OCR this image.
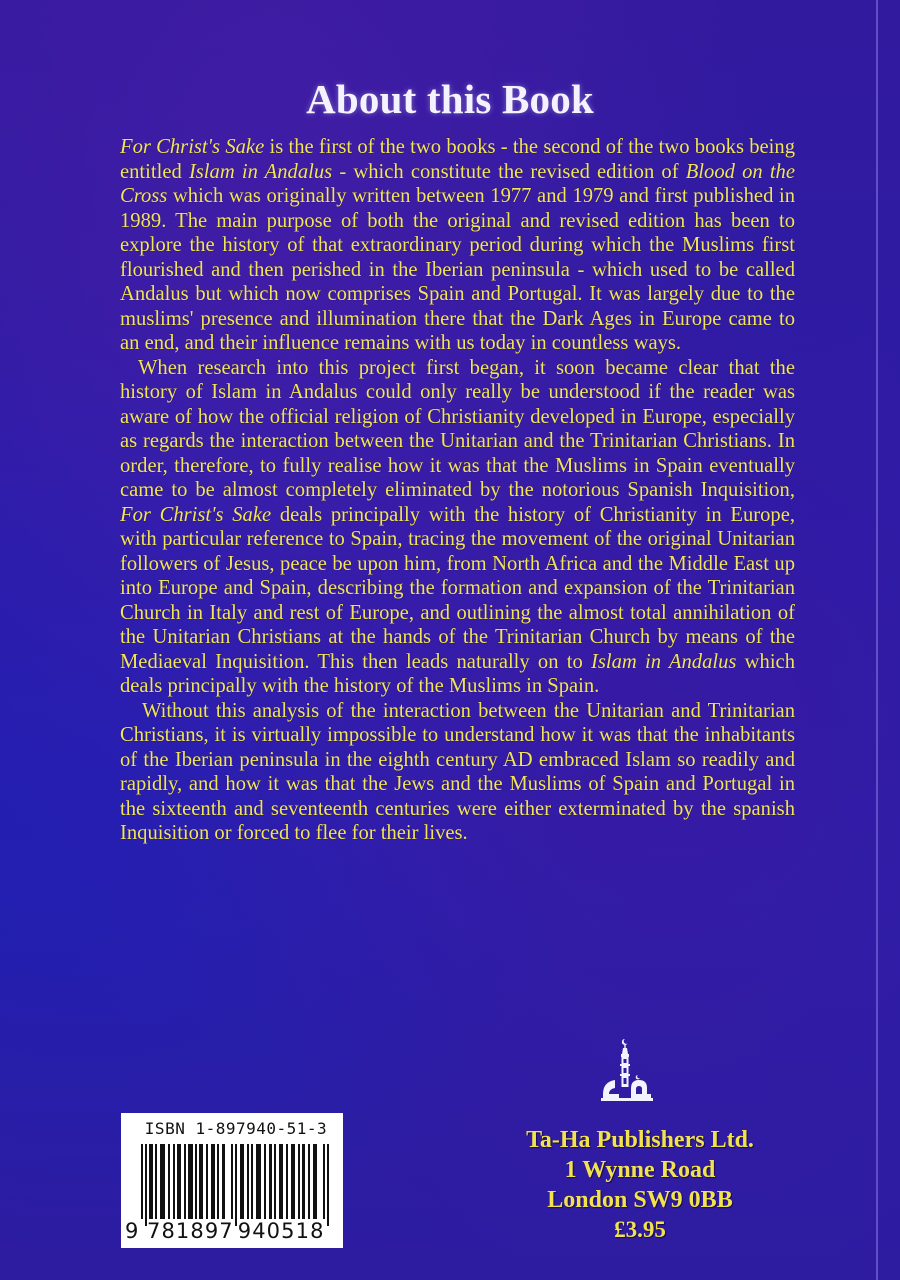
About this Book

For Christ's Sake is the first of the two books - the second of the two books being entitled Islam in Andalus - which constitute the revised edition of Blood on the Cross which was originally written between 1977 and 1979 and first published in 1989. The main purpose of both the original and revised edition has been to explore the history of that extraordinary period during which the Muslims first flourished and then perished in the Iberian peninsula - which used to be called Andalus but which now comprises Spain and Portugal. It was largely due to the muslims' presence and illumination there that the Dark Ages in Europe came to an end, and their influence remains with us today in countless ways.

When research into this project first began, it soon became clear that the history of Islam in Andalus could only really be understood if the reader was aware of how the official religion of Christianity developed in Europe, especially as regards the interaction between the Unitarian and the Trinitarian Christians. In order, therefore, to fully realise how it was that the Muslims in Spain eventually came to be almost completely eliminated by the notorious Spanish Inquisition, For Christ's Sake deals principally with the history of Christianity in Europe, with particular reference to Spain, tracing the movement of the original Unitarian followers of Jesus, peace be upon him, from North Africa and the Middle East up into Europe and Spain, describing the formation and expansion of the Trinitarian Church in Italy and rest of Europe, and outlining the almost total annihilation of the Unitarian Christians at the hands of the Trinitarian Church by means of the Mediaeval Inquisition. This then leads naturally on to Islam in Andalus which deals principally with the history of the Muslims in Spain.

Without this analysis of the interaction between the Unitarian and Trinitarian Christians, it is virtually impossible to understand how it was that the inhabitants of the Iberian peninsula in the eighth century AD embraced Islam so readily and rapidly, and how it was that the Jews and the Muslims of Spain and Portugal in the sixteenth and seventeenth centuries were either exterminated by the spanish Inquisition or forced to flee for their lives.

ISBN 1-897940-51-3
9 781897 940518
Ta-Ha Publishers Ltd.
1 Wynne Road
London SW9 0BB
£3.95
